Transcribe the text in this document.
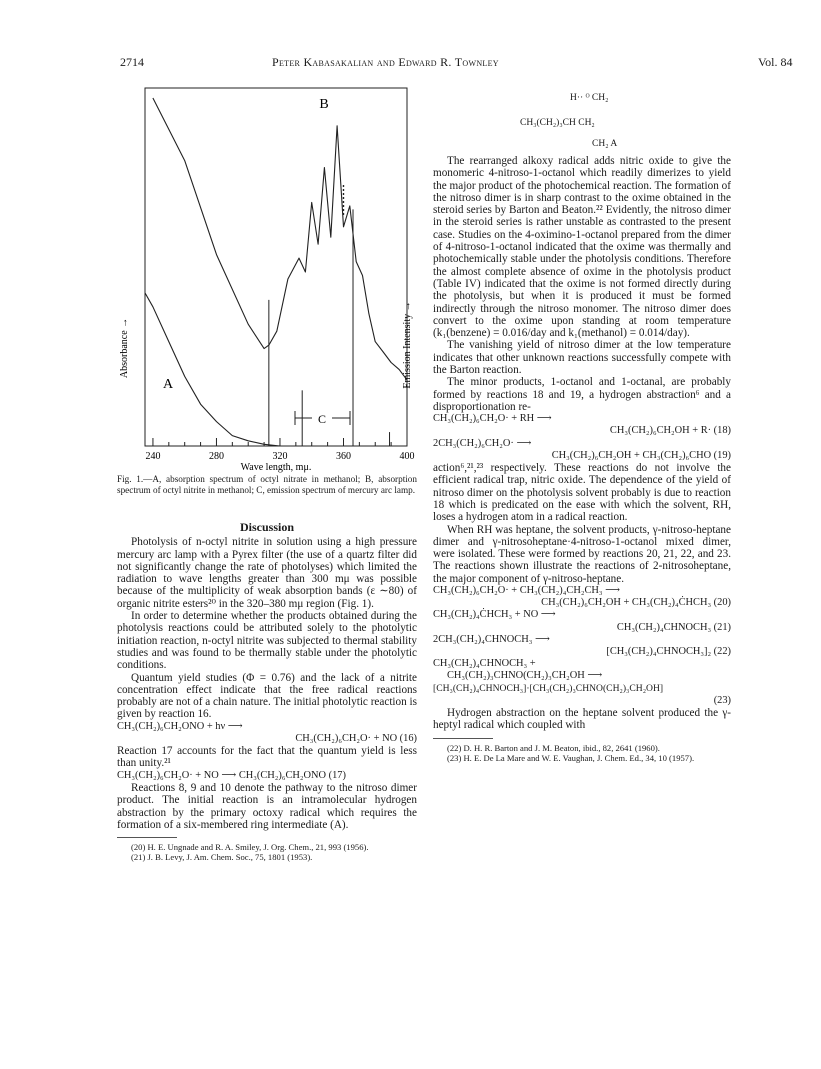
2714	Peter Kabasakalian and Edward R. Townley	Vol. 84
240	280	320	360	400
B
A
C
Absorbance →	Emission Intensity →
Wave length, mμ.
Fig. 1.—A, absorption spectrum of octyl nitrate in methanol; B, absorption spectrum of octyl nitrite in methanol; C, emission spectrum of mercury arc lamp.
Discussion

Photolysis of n-octyl nitrite in solution using a high pressure mercury arc lamp with a Pyrex filter (the use of a quartz filter did not significantly change the rate of photolyses) which limited the radiation to wave lengths greater than 300 mμ was possible because of the multiplicity of weak absorption bands (ε ∼80) of organic nitrite esters²⁰ in the 320–380 mμ region (Fig. 1).

In order to determine whether the products obtained during the photolysis reactions could be attributed solely to the photolytic initiation reaction, n-octyl nitrite was subjected to thermal stability studies and was found to be thermally stable under the photolytic conditions.

Quantum yield studies (Φ = 0.76) and the lack of a nitrite concentration effect indicate that the free radical reactions probably are not of a chain nature. The initial photolytic reaction is given by reaction 16.

CH₃(CH₂)₆CH₂ONO + hν ⟶
CH₃(CH₂)₆CH₂O· + NO (16)

Reaction 17 accounts for the fact that the quantum yield is less than unity.²¹

CH₃(CH₂)₆CH₂O· + NO ⟶ CH₃(CH₂)₆CH₂ONO (17)

Reactions 8, 9 and 10 denote the pathway to the nitroso dimer product. The initial reaction is an intramolecular hydrogen abstraction by the primary octoxy radical which requires the formation of a six-membered ring intermediate (A).

(20) H. E. Ungnade and R. A. Smiley, J. Org. Chem., 21, 993 (1956).

(21) J. B. Levy, J. Am. Chem. Soc., 75, 1801 (1953).

H·· ᴼ CH₂
CH₃(CH₂)₃CH CH₂
CH₂ A

The rearranged alkoxy radical adds nitric oxide to give the monomeric 4-nitroso-1-octanol which readily dimerizes to yield the major product of the photochemical reaction. The formation of the nitroso dimer is in sharp contrast to the oxime obtained in the steroid series by Barton and Beaton.²² Evidently, the nitroso dimer in the steroid series is rather unstable as contrasted to the present case. Studies on the 4-oximino-1-octanol prepared from the dimer of 4-nitroso-1-octanol indicated that the oxime was thermally and photochemically stable under the photolysis conditions. Therefore the almost complete absence of oxime in the photolysis product (Table IV) indicated that the oxime is not formed directly during the photolysis, but when it is produced it must be formed indirectly through the nitroso monomer. The nitroso dimer does convert to the oxime upon standing at room temperature (k₁(benzene) = 0.016/day and k₁(methanol) = 0.014/day).

The vanishing yield of nitroso dimer at the low temperature indicates that other unknown reactions successfully compete with the Barton reaction.

The minor products, 1-octanol and 1-octanal, are probably formed by reactions 18 and 19, a hydrogen abstraction⁶ and a disproportionation re-

CH₃(CH₂)₆CH₂O· + RH ⟶
CH₃(CH₂)₆CH₂OH + R· (18)
2CH₃(CH₂)₆CH₂O· ⟶
CH₃(CH₂)₆CH₂OH + CH₃(CH₂)₆CHO (19)

action⁶,²¹,²³ respectively. These reactions do not involve the efficient radical trap, nitric oxide. The dependence of the yield of nitroso dimer on the photolysis solvent probably is due to reaction 18 which is predicated on the ease with which the solvent, RH, loses a hydrogen atom in a radical reaction.

When RH was heptane, the solvent products, γ-nitroso-heptane dimer and γ-nitrosoheptane·4-nitroso-1-octanol mixed dimer, were isolated. These were formed by reactions 20, 21, 22, and 23. The reactions shown illustrate the reactions of 2-nitrosoheptane, the major component of γ-nitroso-heptane.

CH₃(CH₂)₆CH₂O· + CH₃(CH₂)₄CH₂CH₃ ⟶
CH₃(CH₂)₆CH₂OH + CH₃(CH₂)₄ĊHCH₃ (20)
CH₃(CH₂)₄ĊHCH₃ + NO ⟶
CH₃(CH₂)₄CHNOCH₃ (21)
2CH₃(CH₂)₄CHNOCH₃ ⟶
[CH₃(CH₂)₄CHNOCH₃]₂ (22)
CH₃(CH₂)₄CHNOCH₃ +
CH₃(CH₂)₃CHNO(CH₂)₃CH₂OH ⟶
[CH₃(CH₂)₄CHNOCH₃]·[CH₃(CH₂)₃CHNO(CH₂)₃CH₂OH]
(23)

Hydrogen abstraction on the heptane solvent produced the γ-heptyl radical which coupled with

(22) D. H. R. Barton and J. M. Beaton, ibid., 82, 2641 (1960).

(23) H. E. De La Mare and W. E. Vaughan, J. Chem. Ed., 34, 10 (1957).
